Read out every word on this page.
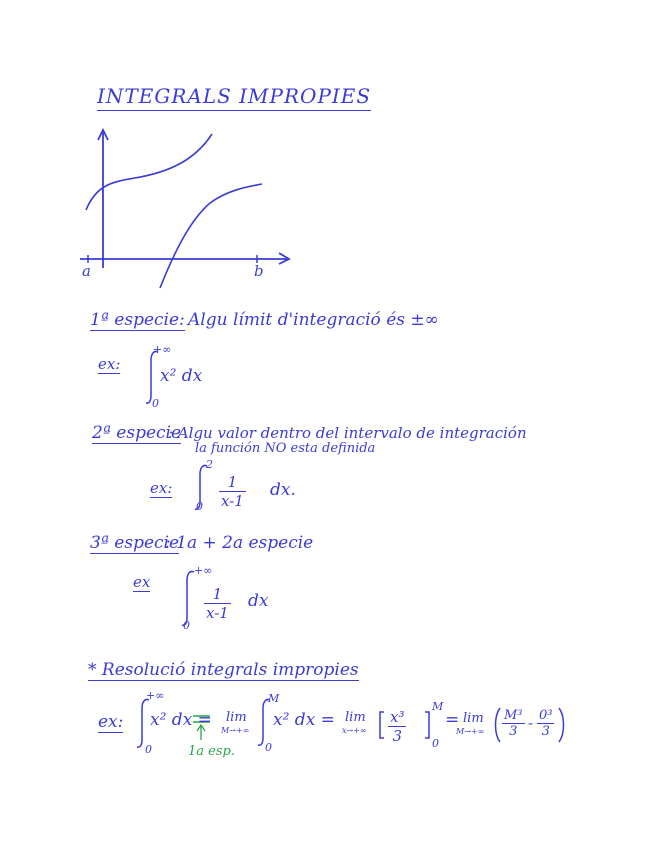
INTEGRALS IMPROPIES
a	b
1ª especie: Algu límit d'integració és ±∞
ex:
+∞
0
x² dx
2ª especie
: Algu valor dentro del intervalo de integración
la función NO esta definida
ex:
2
$0 \frac{1}{x-1}$ dx.
3ª especie
: 1a + 2a especie
ex
+∞
0
$\frac{1}{x-1}$ dx
* Resolució integrals impropies
ex:
+∞
0
x² dx = lim
M→+∞
M
0
x² dx = lim
$x\to+\infty \frac{\text{x³}}{3}$
M
0
= lim
$M\to+\infty \frac{\text{M³}}{3} - \frac{\text{0³}}{3}$
1a esp.
